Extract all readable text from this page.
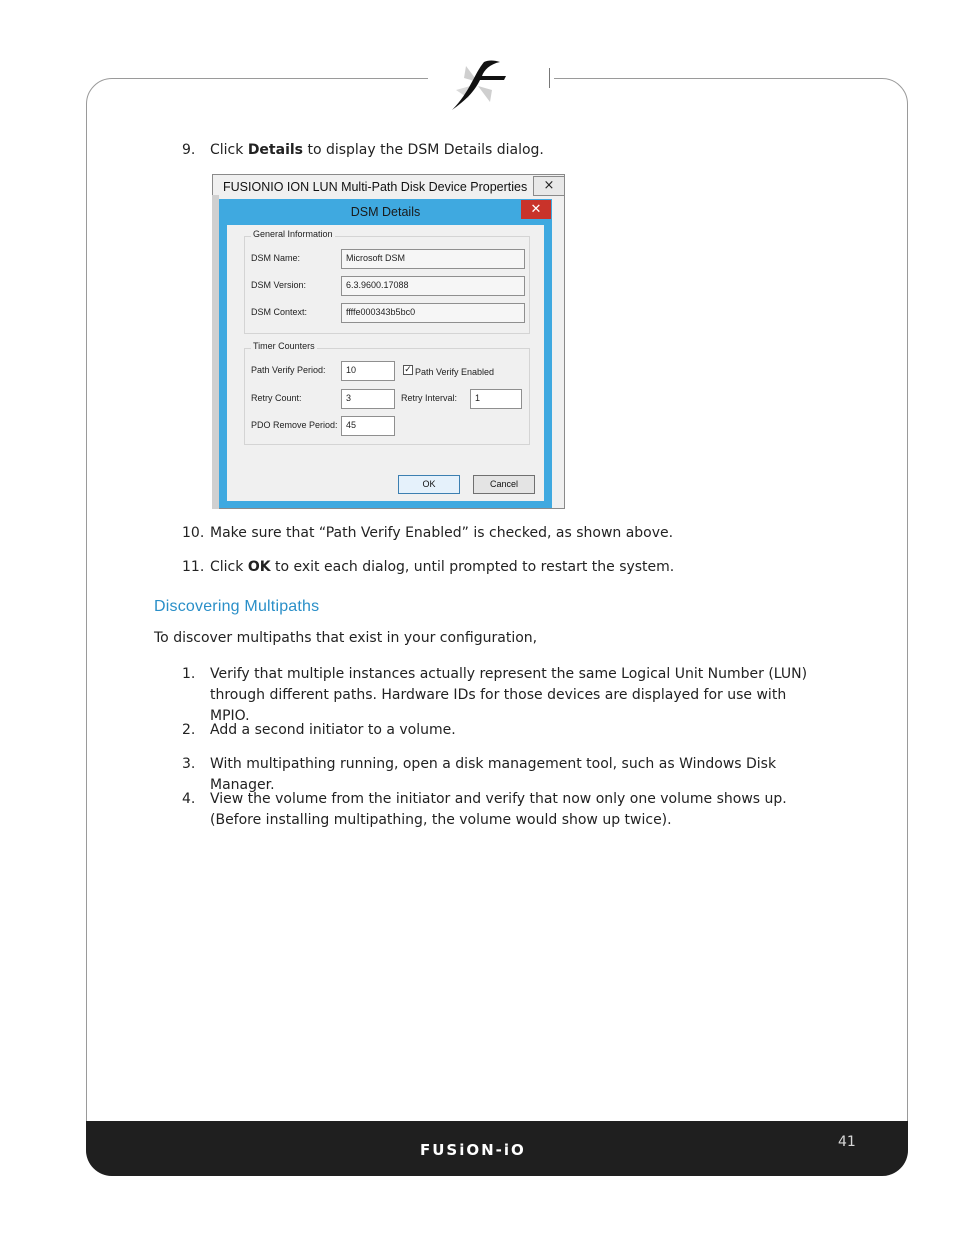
9. Click Details to display the DSM Details dialog.
FUSIONIO ION LUN Multi-Path Disk Device Properties	×
DSM Details	✕
General Information
DSM Name:	Microsoft DSM
DSM Version:	6.3.9600.17088
DSM Context:	ffffe000343b5bc0
Timer Counters
Path Verify Period:	10	✓ Path Verify Enabled
Retry Count:	3	Retry Interval:	1
PDO Remove Period: 45
OK	Cancel
10. Make sure that “Path Verify Enabled” is checked, as shown above.
11. Click OK to exit each dialog, until prompted to restart the system.
Discovering Multipaths
To discover multipaths that exist in your configuration,
1. Verify that multiple instances actually represent the same Logical Unit Number (LUN) through different paths. Hardware IDs for those devices are displayed for use with MPIO.
2. Add a second initiator to a volume.
3. With multipathing running, open a disk management tool, such as Windows Disk Manager.
4. View the volume from the initiator and verify that now only one volume shows up. (Before installing multipathing, the volume would show up twice).
FUSiON-iO	41
